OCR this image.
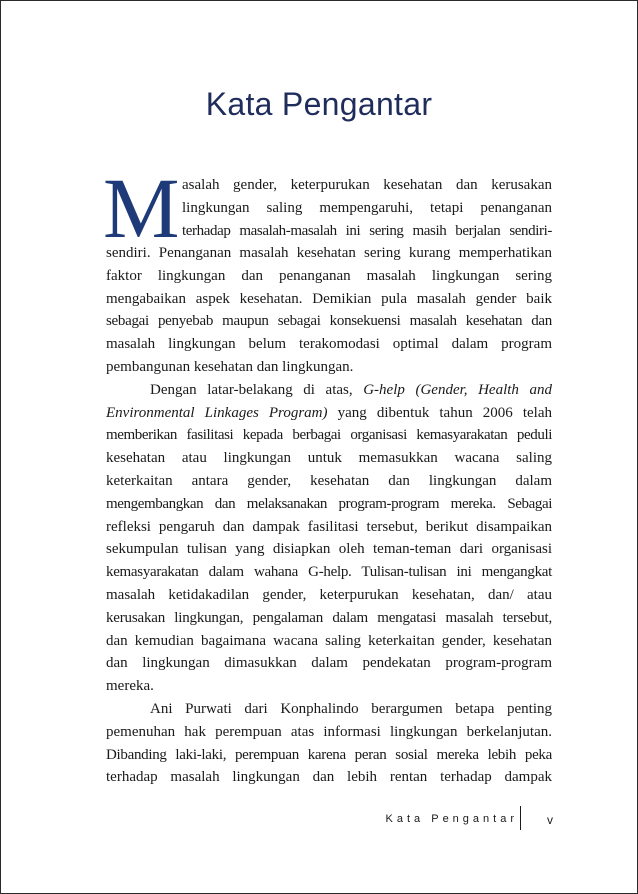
Kata Pengantar
M asalah gender, keterpurukan kesehatan dan kerusakan
lingkungan saling mempengaruhi, tetapi penanganan
terhadap masalah-masalah ini sering masih berjalan sendiri-
sendiri. Penanganan masalah kesehatan sering kurang memperhatikan
faktor lingkungan dan penanganan masalah lingkungan sering
mengabaikan aspek kesehatan. Demikian pula masalah gender baik
sebagai penyebab maupun sebagai konsekuensi masalah kesehatan dan
masalah lingkungan belum terakomodasi optimal dalam program
pembangunan kesehatan dan lingkungan.
Dengan latar-belakang di atas, G-help (Gender, Health and
Environmental Linkages Program) yang dibentuk tahun 2006 telah
memberikan fasilitasi kepada berbagai organisasi kemasyarakatan peduli
kesehatan atau lingkungan untuk memasukkan wacana saling
keterkaitan antara gender, kesehatan dan lingkungan dalam
mengembangkan dan melaksanakan program-program mereka. Sebagai
refleksi pengaruh dan dampak fasilitasi tersebut, berikut disampaikan
sekumpulan tulisan yang disiapkan oleh teman-teman dari organisasi
kemasyarakatan dalam wahana G-help. Tulisan-tulisan ini mengangkat
masalah ketidakadilan gender, keterpurukan kesehatan, dan/ atau
kerusakan lingkungan, pengalaman dalam mengatasi masalah tersebut,
dan kemudian bagaimana wacana saling keterkaitan gender, kesehatan
dan lingkungan dimasukkan dalam pendekatan program-program
mereka.
Ani Purwati dari Konphalindo berargumen betapa penting
pemenuhan hak perempuan atas informasi lingkungan berkelanjutan.
Dibanding laki-laki, perempuan karena peran sosial mereka lebih peka
terhadap masalah lingkungan dan lebih rentan terhadap dampak
Kata Pengantar v
